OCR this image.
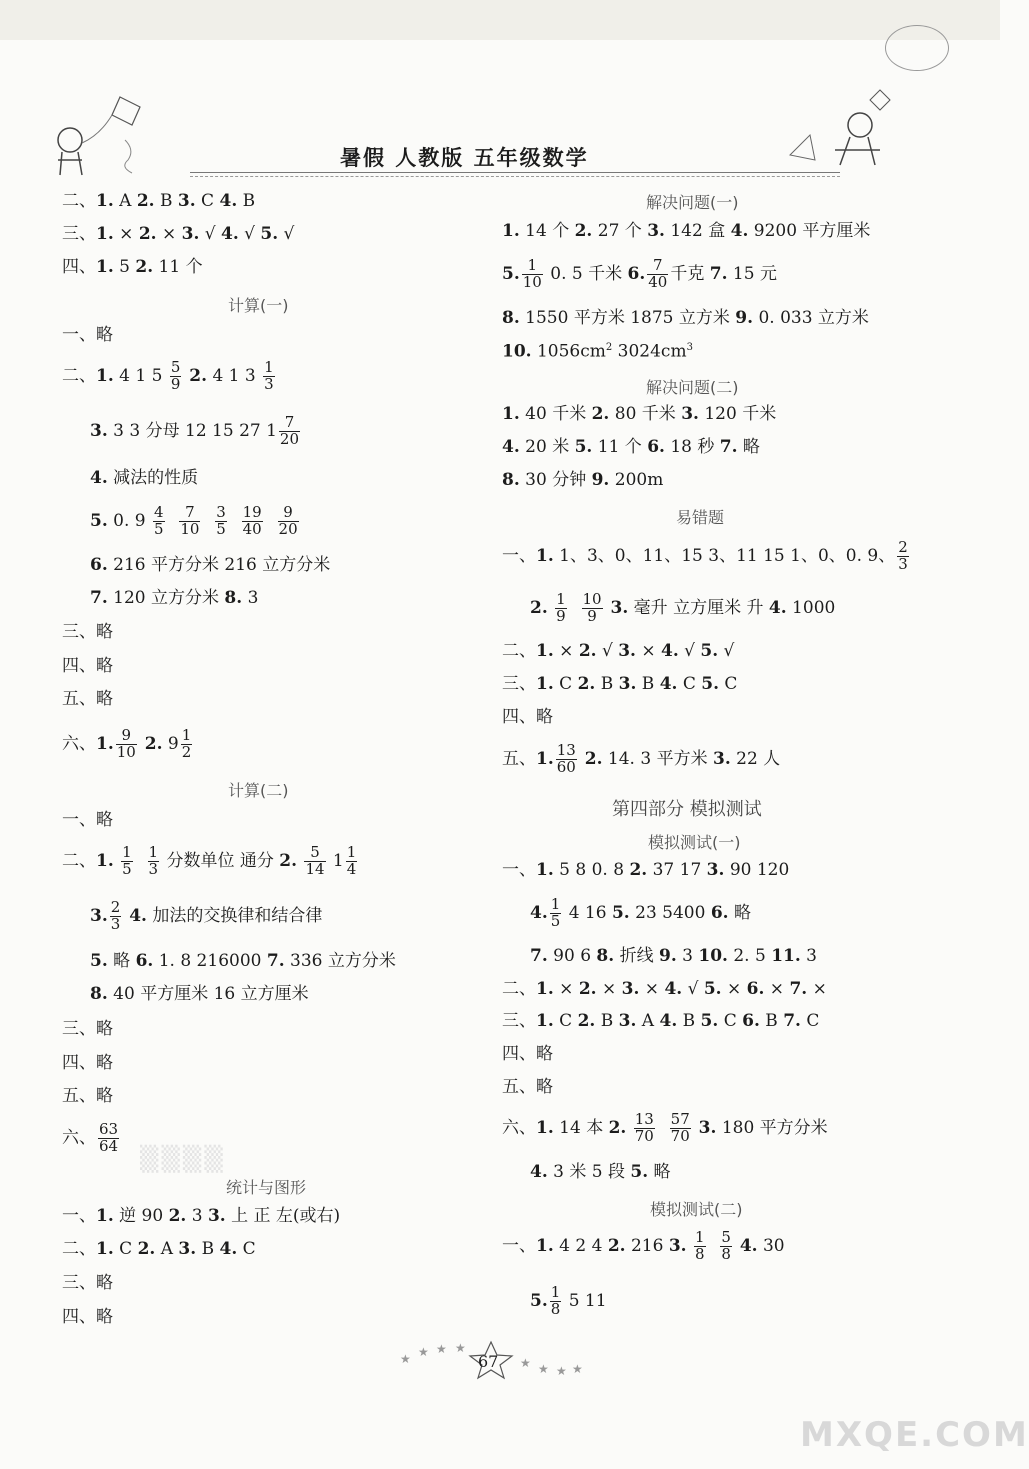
暑假 人教版 五年级数学
二、1. A 2. B 3. C 4. B
三、1. × 2. × 3. √ 4. √ 5. √
四、1. 5 2. 11 个
计算(一)
一、略
二、1. 4 1 $5 \frac{5}{9} 2$. 4 1 $3 \frac{1}{3}$
3. 3 3 分母 12 15 27 $1 \frac{7}{20}$
4. 减法的性质
5. 0. $9 \frac{4}{5}$
$\frac{7}{10}$
$\frac{3}{5}$
$\frac{19}{40}$
$\frac{9}{20}$
6. 216 平方分米 216 立方分米
7. 120 立方分米 8. 3
三、略
四、略
五、略
六、1. $\frac{9}{10} 2$. $9 \frac{1}{2}$
计算(二)
一、略
二、1. $\frac{1}{5}$
$\frac{1}{3}$ 分数单位 通分 2. $\frac{5}{14} 1 \frac{1}{4}$
3. $\frac{2}{3} 4$. 加法的交换律和结合律
5. 略 6. 1. 8 216000 7. 336 立方分米
8. 40 平方厘米 16 立方厘米
三、略
四、略
五、略
六、 $\frac{63}{64}$
▒▒▒▒
统计与图形
一、1. 逆 90 2. 3 3. 上 正 左(或右)
二、1. C 2. A 3. B 4. C
三、略
四、略
解决问题(一)
1. 14 个 2. 27 个 3. 142 盒 4. 9200 平方厘米
5. $\frac{1}{10} 0$. 5 千米 6. $\frac{7}{40}$ 千克 7. 15 元
8. 1550 平方米 1875 立方米 9. 0. 033 立方米
10. $1056cm^2$ $3024cm^3$
解决问题(二)
1. 40 千米 2. 80 千米 3. 120 千米
4. 20 米 5. 11 个 6. 18 秒 7. 略
8. 30 分钟 9. 200m
易错题
一、1. 1、3、0、11、15 3、11 15 1、0、0. 9、 $\frac{2}{3}$
2. $\frac{1}{9}$
$\frac{10}{9} 3$. 毫升 立方厘米 升 4. 1000
二、1. × 2. √ 3. × 4. √ 5. √
三、1. C 2. B 3. B 4. C 5. C
四、略
五、1. $\frac{13}{60} 2$. 14. 3 平方米 3. 22 人
第四部分 模拟测试
模拟测试(一)
一、1. 5 8 0. 8 2. 37 17 3. 90 120
4. $\frac{1}{5} 4$ 16 5. 23 5400 6. 略
7. 90 6 8. 折线 9. 3 10. 2. 5 11. 3
二、1. × 2. × 3. × 4. √ 5. × 6. × 7. ×
三、1. C 2. B 3. A 4. B 5. C 6. B 7. C
四、略
五、略
六、1. 14 本 2. $\frac{13}{70}$
$\frac{57}{70} 3$. 180 平方分米
4. 3 米 5 段 5. 略
模拟测试(二)
一、1. 4 2 4 2. 216 3. $\frac{1}{8}$
$\frac{5}{8} 4$. 30
5. $\frac{1}{8} 5$ 11
★ ★ ★ ★
67 ★ ★ ★ ★
MXQE.COM
